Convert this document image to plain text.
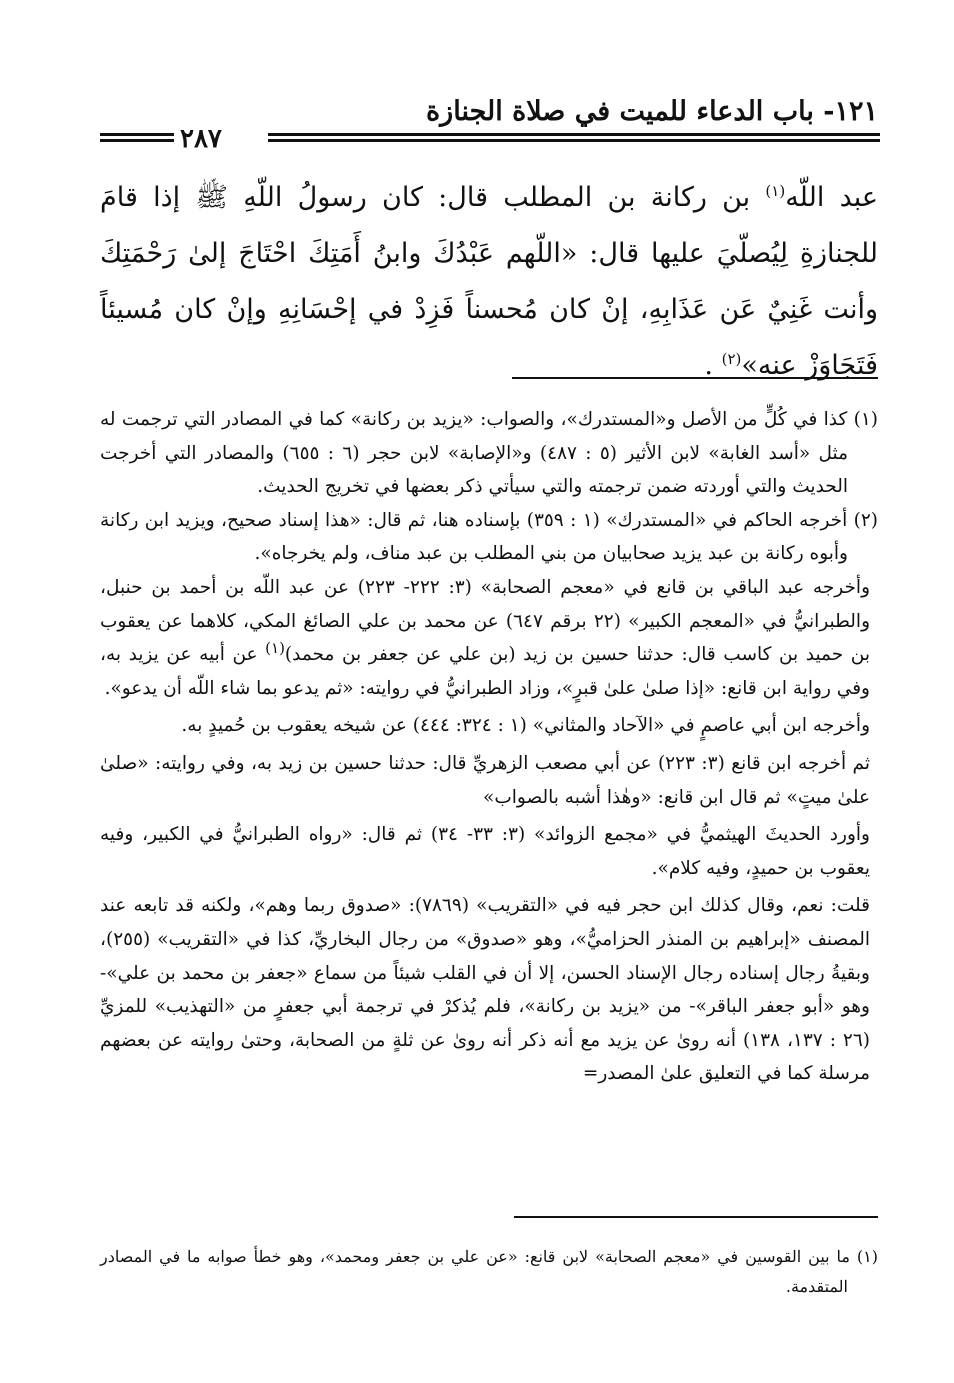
١٢١- باب الدعاء للميت في صلاة الجنازة
٢٨٧

عبد اللّه$^{(١)}$ بن ركانة بن المطلب قال: كان رسولُ اللّهِ ﷺ إذا قامَ للجنازةِ لِيُصلّيَ عليها قال: «اللّهم عَبْدُكَ وابنُ أَمَتِكَ احْتَاجَ إلىٰ رَحْمَتِكَ وأنت غَنِيٌ عَن عَذَابِهِ، إنْ كان مُحسناً فَزِدْ في إحْسَانِهِ وإنْ كان مُسيئاً فَتَجَاوَزْ عنه»$^{(٢)}$ .

(١) كذا في كُلٍّ من الأصل و«المستدرك»، والصواب: «يزيد بن ركانة» كما في المصادر التي ترجمت له مثل «أسد الغابة» لابن الأثير (٥ : ٤٨٧) و«الإصابة» لابن حجر (٦ : ٦٥٥) والمصادر التي أخرجت الحديث والتي أوردته ضمن ترجمته والتي سيأتي ذكر بعضها في تخريج الحديث.

(٢) أخرجه الحاكم في «المستدرك» (١ : ٣٥٩) بإسناده هنا، ثم قال: «هذا إسناد صحيح، ويزيد ابن ركانة وأبوه ركانة بن عبد يزيد صحابيان من بني المطلب بن عبد مناف، ولم يخرجاه».

وأخرجه عبد الباقي بن قانع في «معجم الصحابة» (٣: ٢٢٢- ٢٢٣) عن عبد اللّه بن أحمد بن حنبل، والطبرانيُّ في «المعجم الكبير» (٢٢ برقم ٦٤٧) عن محمد بن علي الصائغ المكي، كلاهما عن يعقوب بن حميد بن كاسب قال: حدثنا حسين بن زيد (بن علي عن جعفر بن محمد)$^{(١)}$ عن أبيه عن يزيد به، وفي رواية ابن قانع: «إذا صلىٰ علىٰ قبرٍ»، وزاد الطبرانيُّ في روايته: «ثم يدعو بما شاء اللّه أن يدعو».

وأخرجه ابن أبي عاصمٍ في «الآحاد والمثاني» (١ : ٣٢٤: ٤٤٤) عن شيخه يعقوب بن حُميدٍ به.

ثم أخرجه ابن قانع (٣: ٢٢٣) عن أبي مصعب الزهريِّ قال: حدثنا حسين بن زيد به، وفي روايته: «صلىٰ علىٰ ميتٍ» ثم قال ابن قانع: «وهٰذا أشبه بالصواب»

وأورد الحديثَ الهيثميُّ في «مجمع الزوائد» (٣: ٣٣- ٣٤) ثم قال: «رواه الطبرانيُّ في الكبير، وفيه يعقوب بن حميدٍ، وفيه كلام».

قلت: نعم، وقال كذلك ابن حجر فيه في «التقريب» (٧٨٦٩): «صدوق ربما وهم»، ولكنه قد تابعه عند المصنف «إبراهيم بن المنذر الحزاميُّ»، وهو «صدوق» من رجال البخاريِّ، كذا في «التقريب» (٢٥٥)، وبقيةُ رجال إسناده رجال الإسناد الحسن، إلا أن في القلب شيئاً من سماع «جعفر بن محمد بن علي»- وهو «أبو جعفر الباقر»- من «يزيد بن ركانة»، فلم يُذكرْ في ترجمة أبي جعفرٍ من «التهذيب» للمزيِّ (٢٦ : ١٣٧، ١٣٨) أنه روىٰ عن يزيد مع أنه ذكر أنه روىٰ عن ثلةٍ من الصحابة، وحتىٰ روايته عن بعضهم مرسلة كما في التعليق علىٰ المصدر=

(١) ما بين القوسين في «معجم الصحابة» لابن قانع: «عن علي بن جعفر ومحمد»، وهو خطأ صوابه ما في المصادر المتقدمة.
